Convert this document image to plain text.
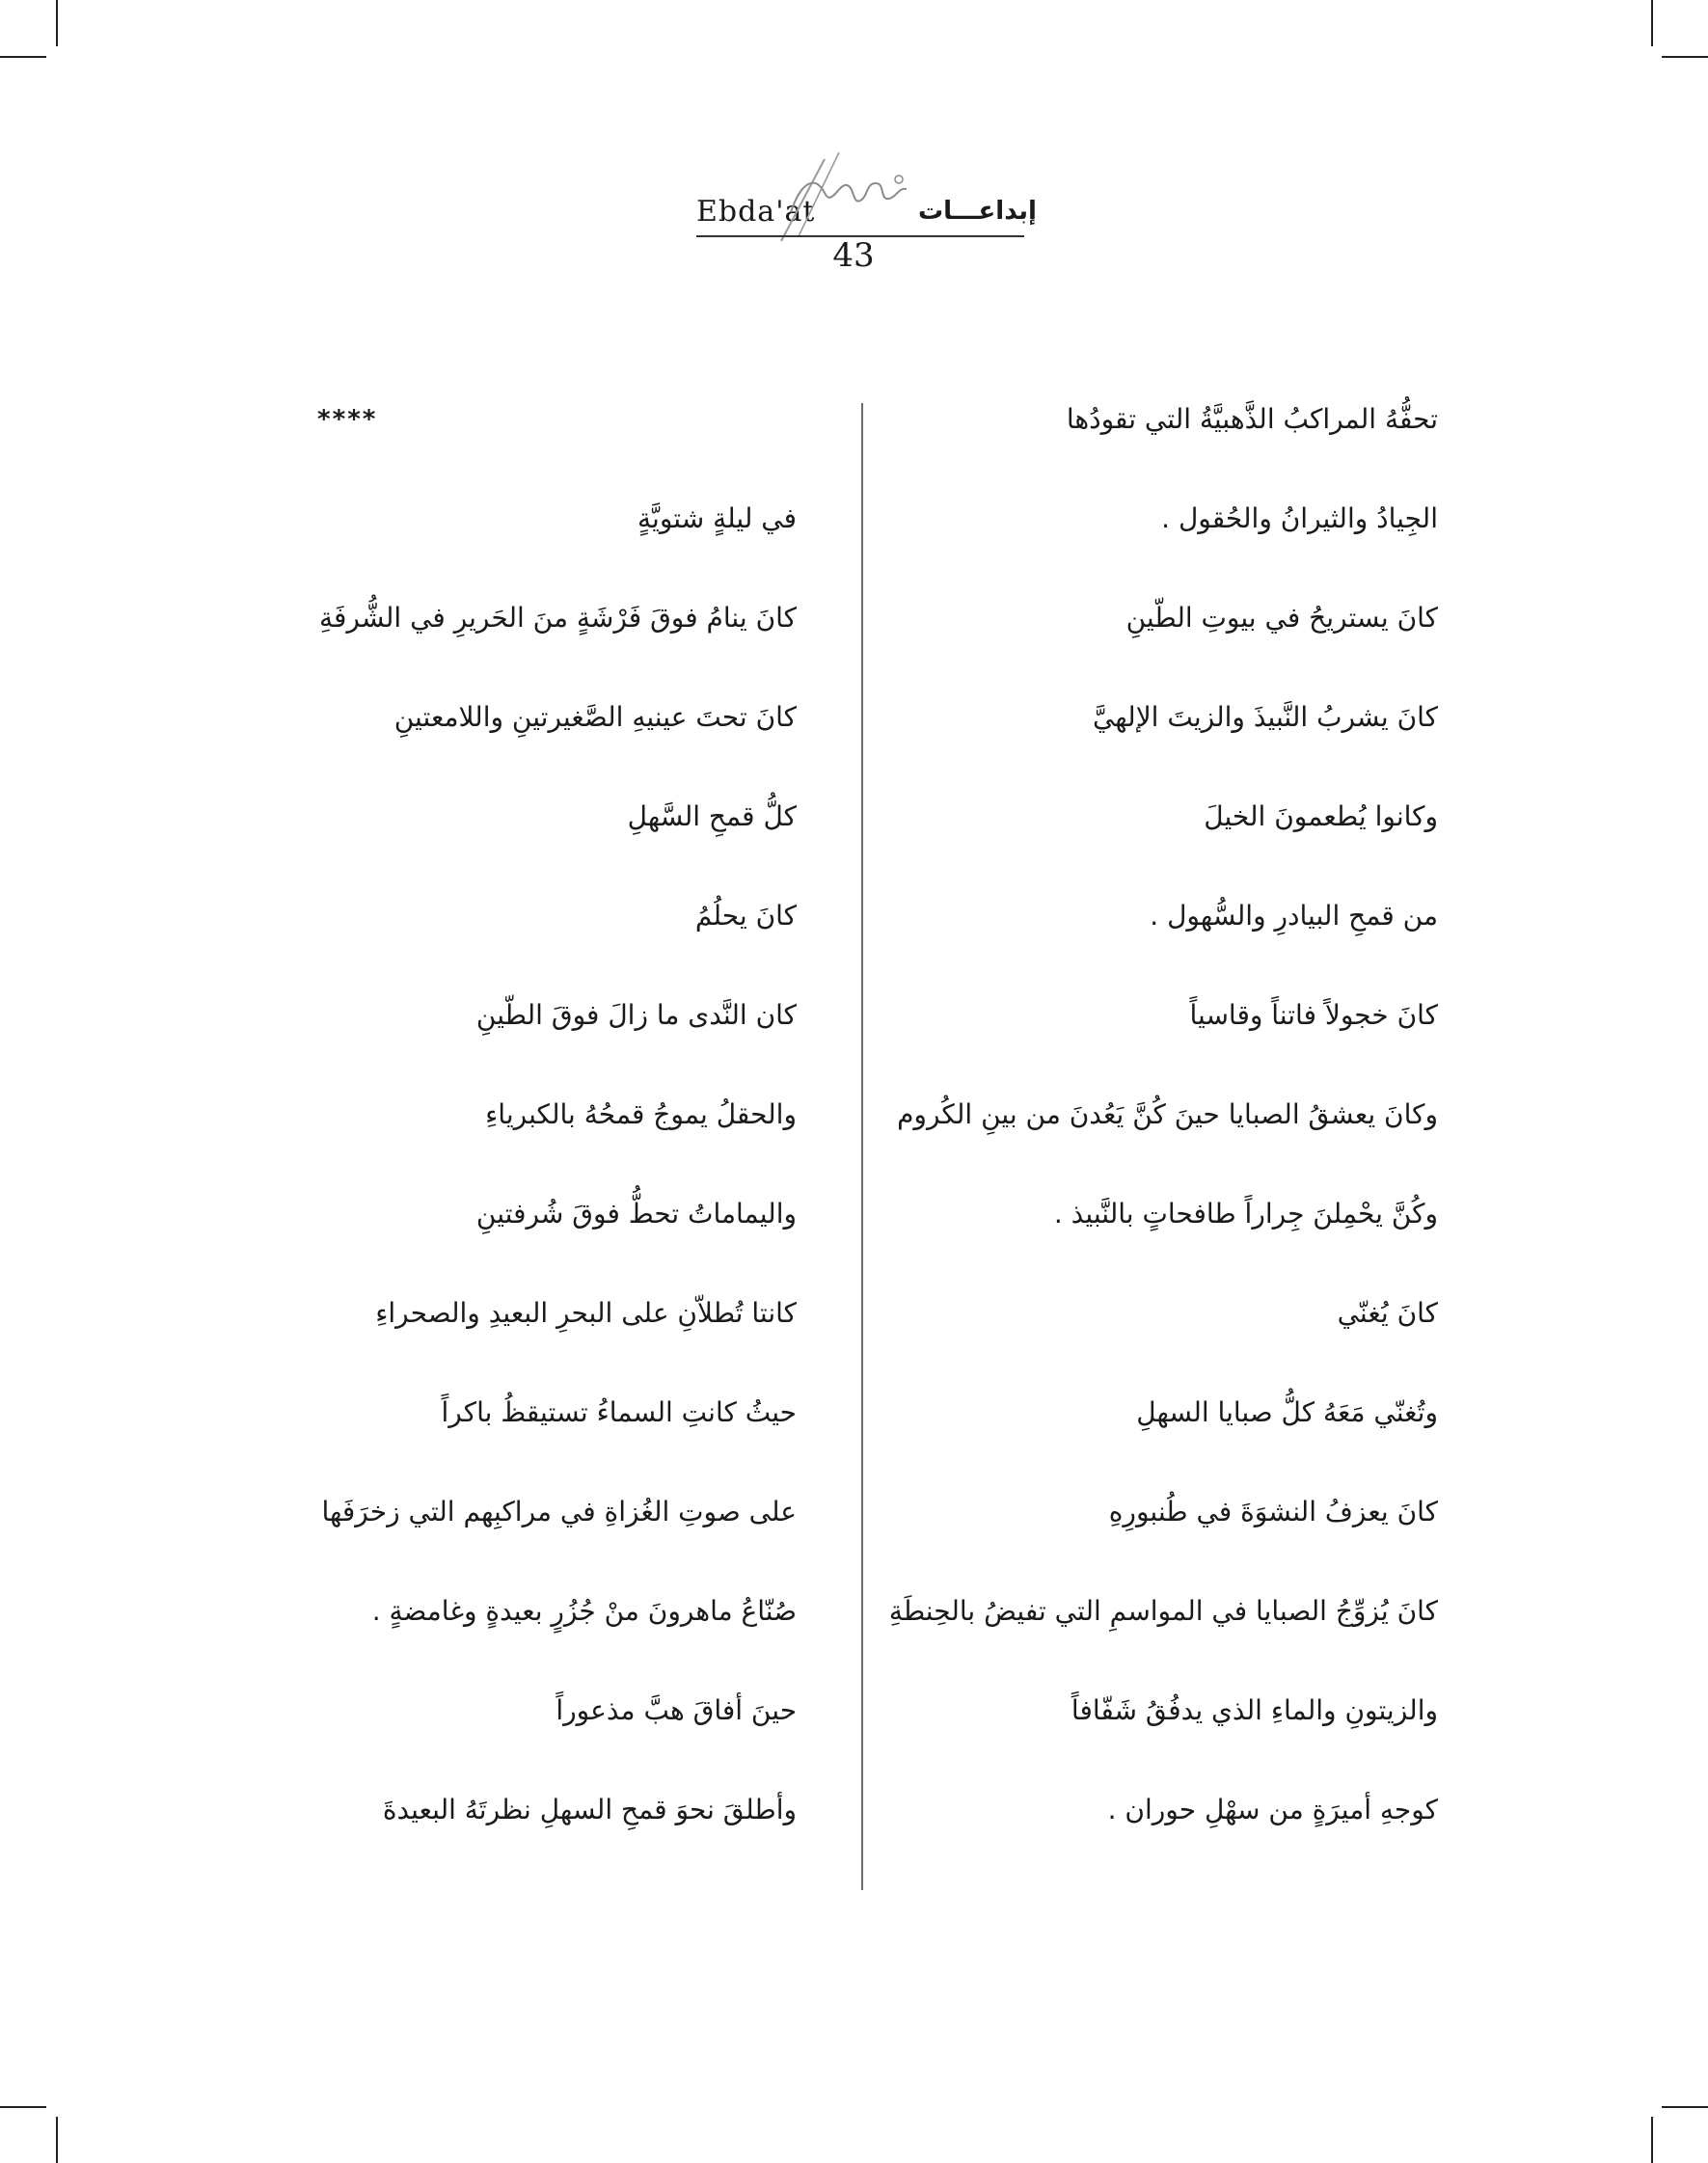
Ebda'at	إبداعـــات
43
تحفُّهُ المراكبُ الذَّهبيَّةُ التي تقودُها
الجِيادُ والثيرانُ والحُقول .
كانَ يستريحُ في بيوتِ الطّينِ
كانَ يشربُ النَّبيذَ والزيتَ الإلهيَّ
وكانوا يُطعمونَ الخيلَ
من قمحِ البيادرِ والسُّهول .
كانَ خجولاً فاتناً وقاسياً
وكانَ يعشقُ الصبايا حينَ كُنَّ يَعُدنَ من بينِ الكُروم
وكُنَّ يحْمِلنَ جِراراً طافحاتٍ بالنَّبيذ .
كانَ يُغنّي
وتُغنّي مَعَهُ كلُّ صبايا السهلِ
كانَ يعزفُ النشوَةَ في طُنبورِهِ
كانَ يُزوِّجُ الصبايا في المواسمِ التي تفيضُ بالحِنطَةِ
والزيتونِ والماءِ الذي يدفُقُ شَفّافاً
كوجهِ أميرَةٍ من سهْلِ حوران .
****
في ليلةٍ شتويَّةٍ
كانَ ينامُ فوقَ فَرْشَةٍ منَ الحَريرِ في الشُّرفَةِ
كانَ تحتَ عينيهِ الصَّغيرتينِ واللامعتينِ
كلُّ قمحِ السَّهلِ
كانَ يحلُمُ
كان النَّدى ما زالَ فوقَ الطّينِ
والحقلُ يموجُ قمحُهُ بالكبرياءِ
واليماماتُ تحطُّ فوقَ شُرفتينِ
كانتا تُطلاّنِ على البحرِ البعيدِ والصحراءِ
حيثُ كانتِ السماءُ تستيقظُ باكراً
على صوتِ الغُزاةِ في مراكبِهم التي زخرَفَها
صُنّاعُ ماهرونَ منْ جُزُرٍ بعيدةٍ وغامضةٍ .
حينَ أفاقَ هبَّ مذعوراً
وأطلقَ نحوَ قمحِ السهلِ نظرتَهُ البعيدةَ
